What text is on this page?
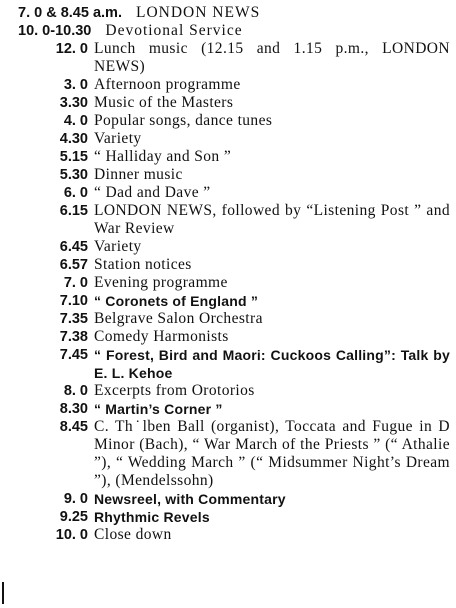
7. 0 & 8.45 a.m. LONDON NEWS
10. 0-10.30 Devotional Service
12. 0 Lunch music (12.15 and 1.15 p.m., LONDON NEWS)
3. 0 Afternoon programme
3.30 Music of the Masters
4. 0 Popular songs, dance tunes
4.30 Variety
5.15 “ Halliday and Son ”
5.30 Dinner music
6. 0 “ Dad and Dave ”
6.15 LONDON NEWS, followed by “Listening Post ” and War Review
6.45 Variety
6.57 Station notices
7. 0 Evening programme
7.10 “ Coronets of England ”
7.35 Belgrave Salon Orchestra
7.38 Comedy Harmonists
7.45 “ Forest, Bird and Maori: Cuckoos Calling”: Talk by E. L. Kehoe
8. 0 Excerpts from Orotorios
8.30 “ Martin’s Corner ”
8.45 C. Th˙lben Ball (organist), Toccata and Fugue in D Minor (Bach), “ War March of the Priests ” (“ Athalie ”), “ Wedding March ” (“ Midsummer Night’s Dream ”), (Mendelssohn)
9. 0 Newsreel, with Commentary
9.25 Rhythmic Revels
10. 0 Close down
